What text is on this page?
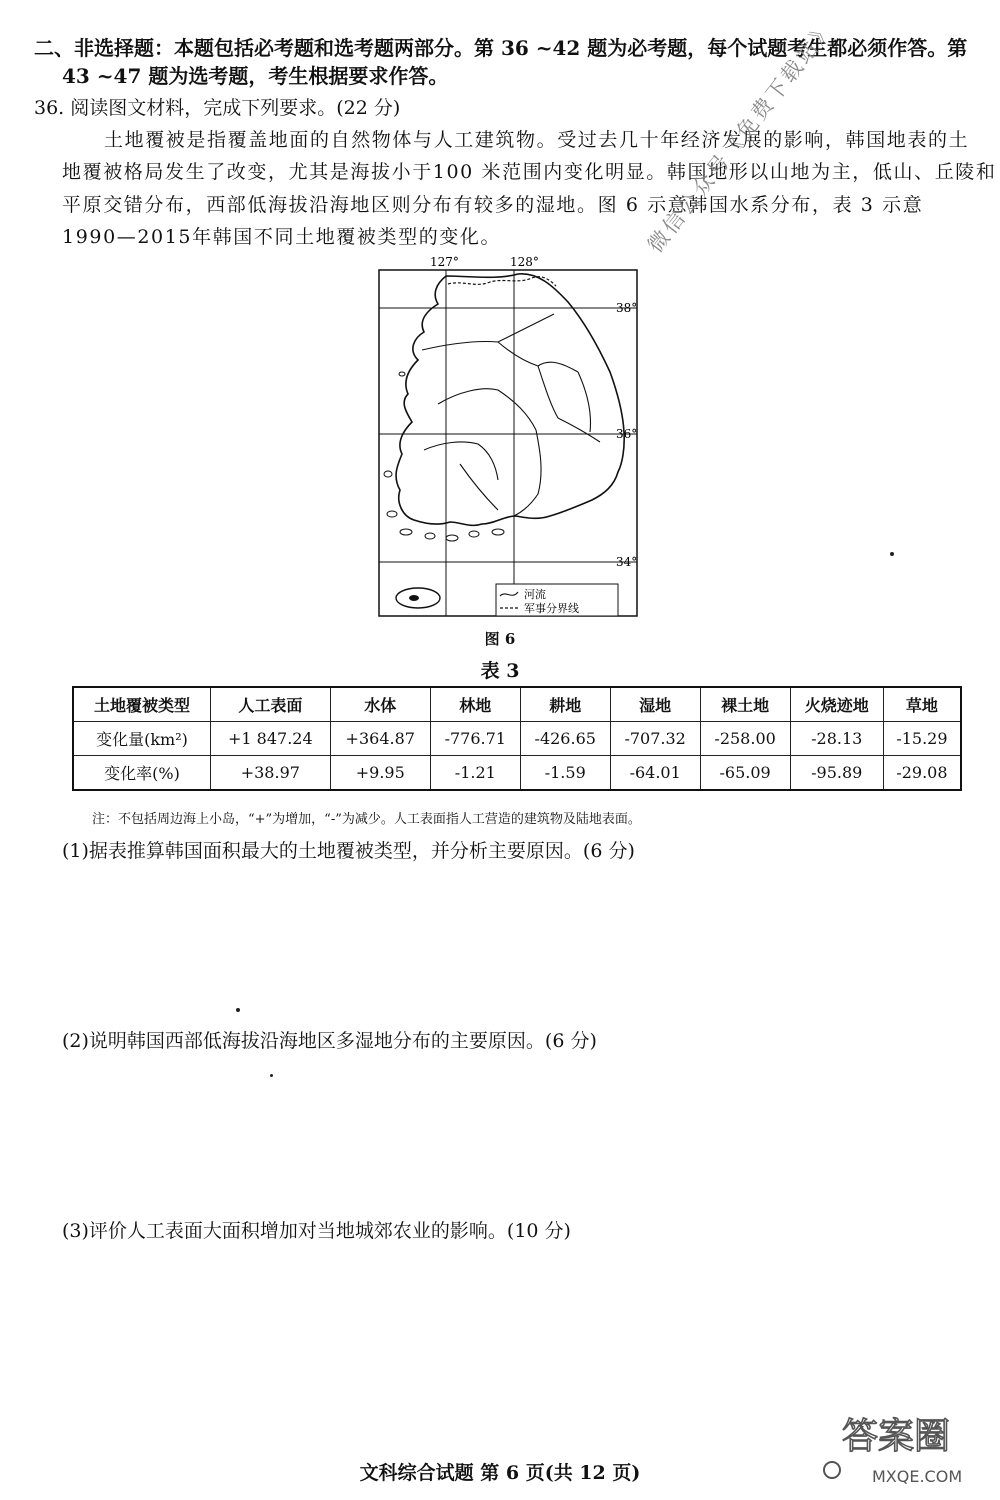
二、非选择题：本题包括必考题和选考题两部分。第 36 ~42 题为必考题，每个试题考生都必须作答。第
43 ~47 题为选考题，考生根据要求作答。
36. 阅读图文材料，完成下列要求。(22 分)
土地覆被是指覆盖地面的自然物体与人工建筑物。受过去几十年经济发展的影响，韩国地表的土
地覆被格局发生了改变，尤其是海拔小于100 米范围内变化明显。韩国地形以山地为主，低山、丘陵和
平原交错分布，西部低海拔沿海地区则分布有较多的湿地。图 6 示意韩国水系分布，表 3 示意
1990—2015年韩国不同土地覆被类型的变化。
127°	128°
38°
36°
34°
河流
军事分界线
图 6
表 3
土地覆被类型	人工表面	水体	林地	耕地	湿地	裸土地	火烧迹地	草地
变化量(km²)	+1 847.24	+364.87	-776.71	-426.65	-707.32	-258.00	-28.13	-15.29
变化率(%)	+38.97	+9.95	-1.21	-1.59	-64.01	-65.09	-95.89	-29.08
注：不包括周边海上小岛，“+”为增加，“-”为减少。人工表面指人工营造的建筑物及陆地表面。
(1)据表推算韩国面积最大的土地覆被类型，并分析主要原因。(6 分)
(2)说明韩国西部低海拔沿海地区多湿地分布的主要原因。(6 分)
(3)评价人工表面大面积增加对当地城郊农业的影响。(10 分)
微信公众号《免费下载站》
答案圈
MXQE.COM
文科综合试题 第 6 页(共 12 页)
